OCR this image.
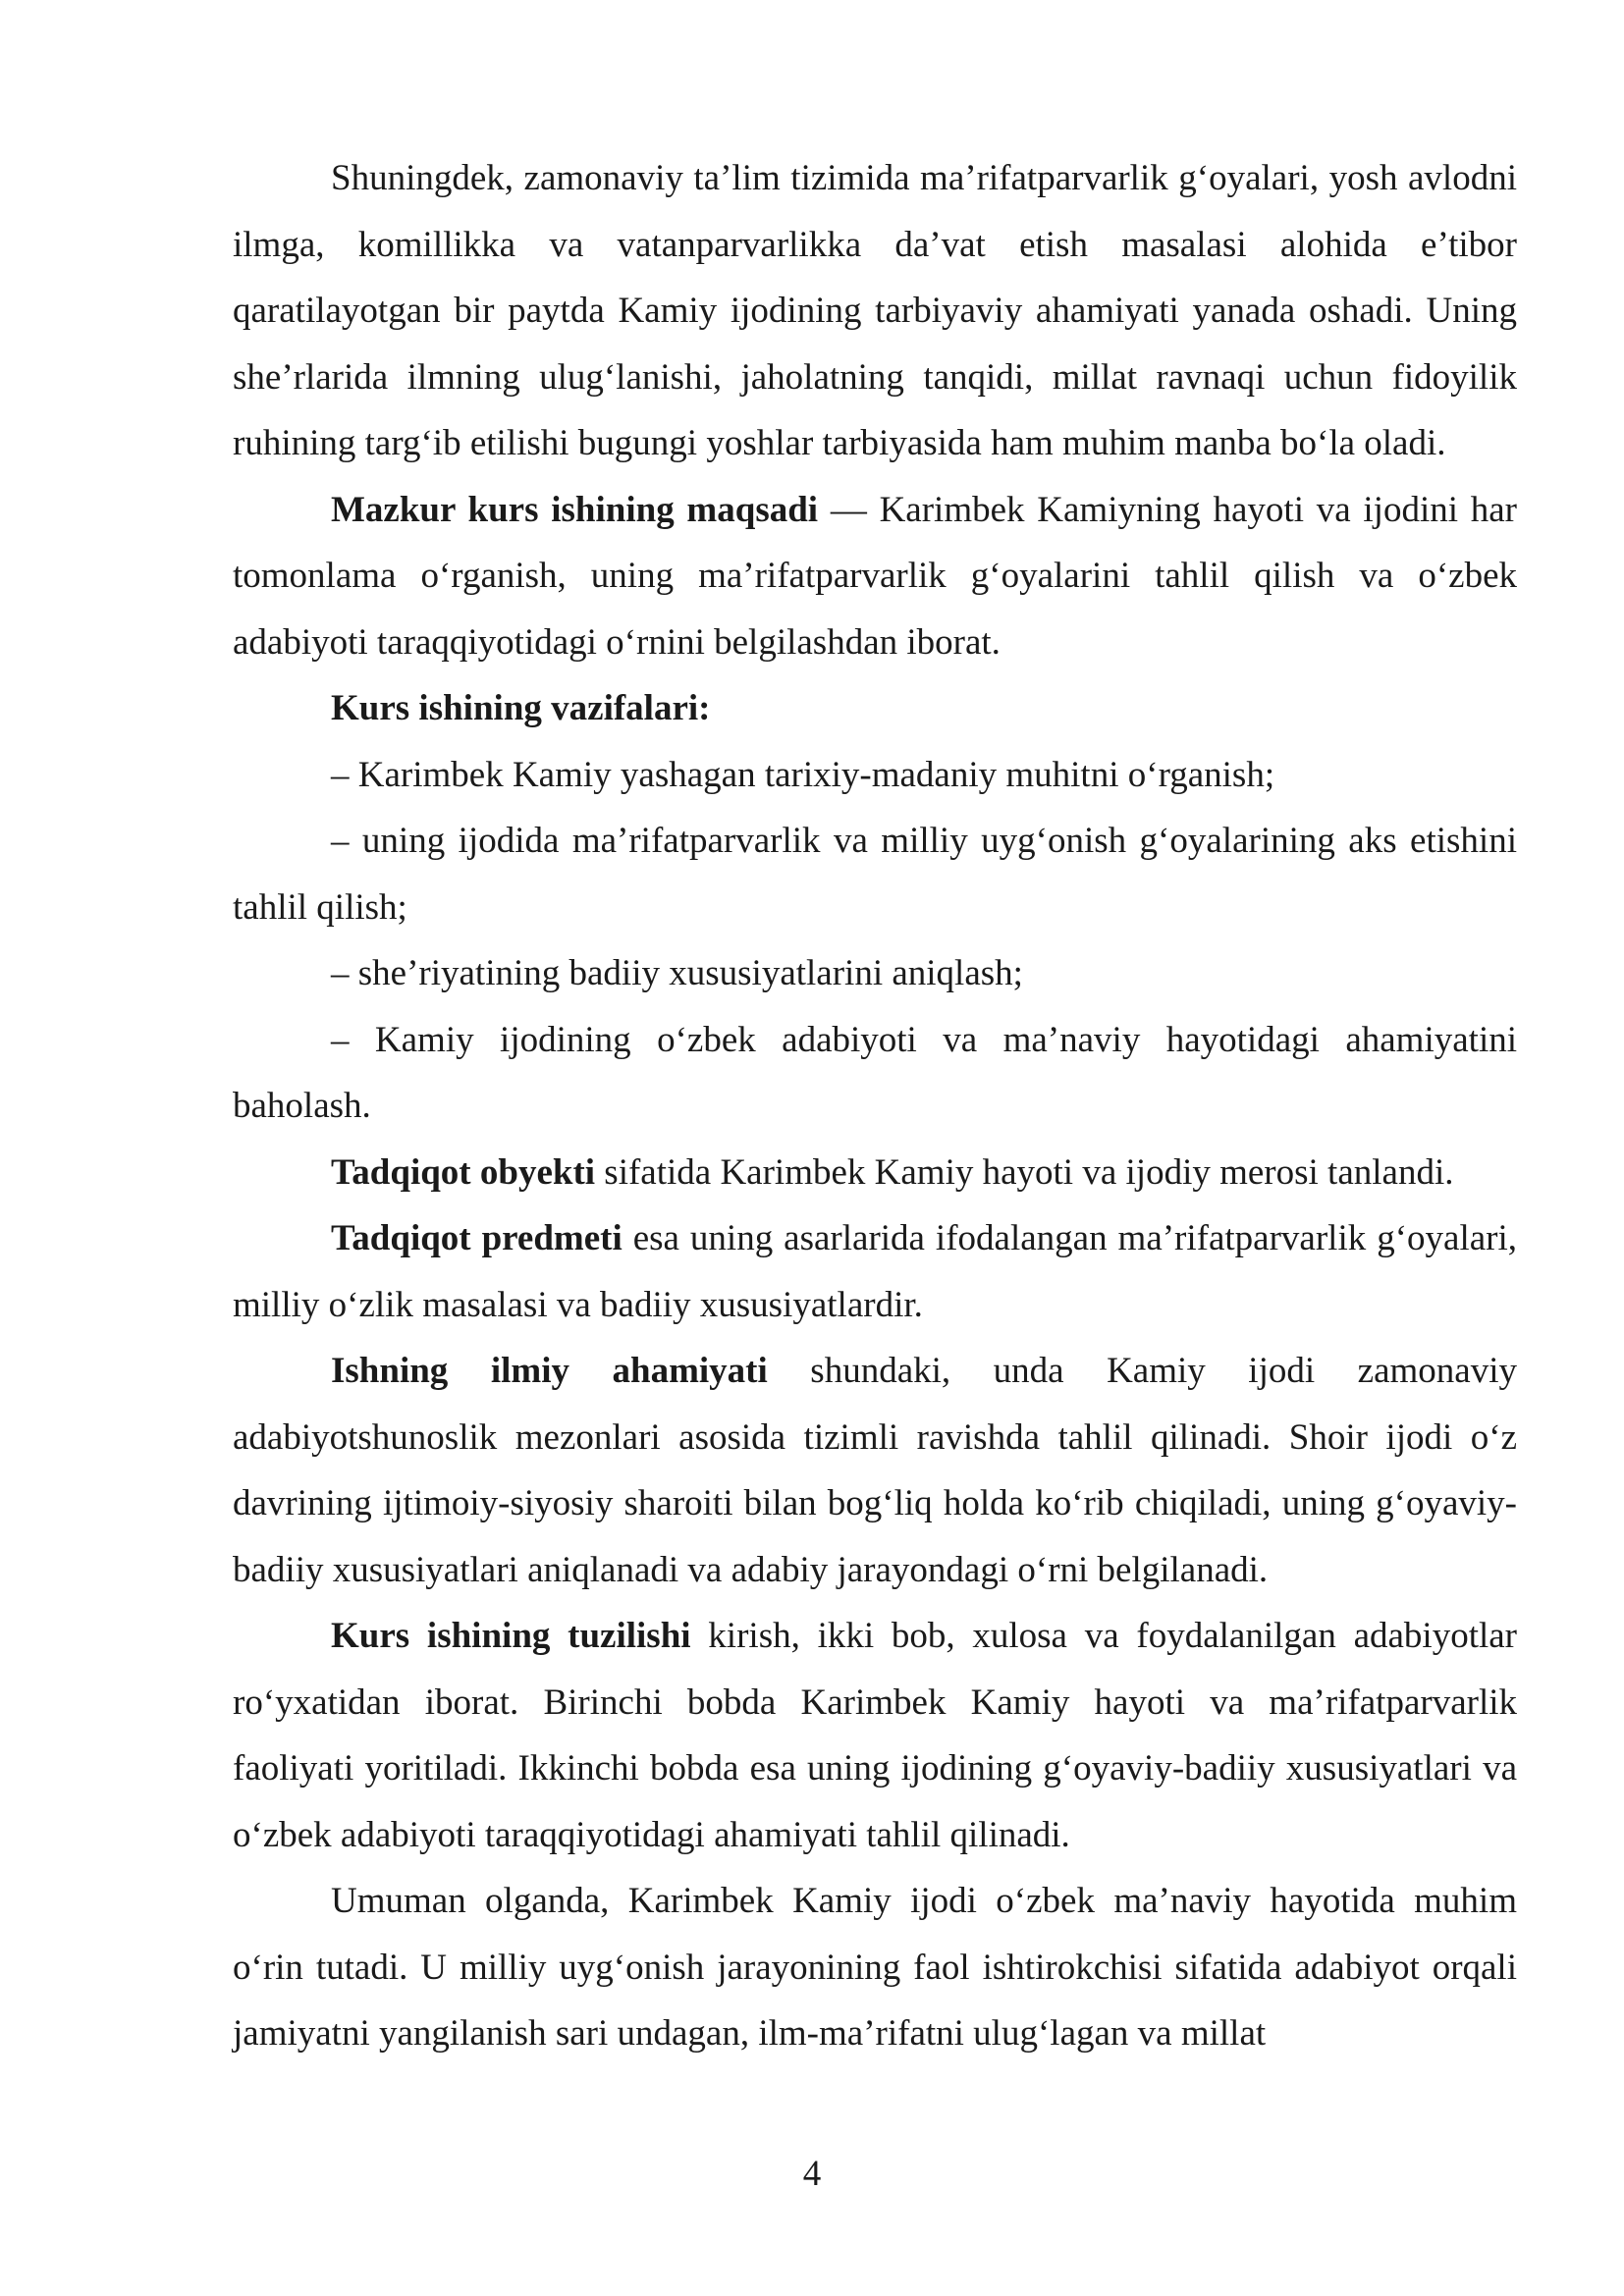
Shuningdek, zamonaviy ta’lim tizimida ma’rifatparvarlik g‘oyalari, yosh avlodni ilmga, komillikka va vatanparvarlikka da’vat etish masalasi alohida e’tibor qaratilayotgan bir paytda Kamiy ijodining tarbiyaviy ahamiyati yanada oshadi. Uning she’rlarida ilmning ulug‘lanishi, jaholatning tanqidi, millat ravnaqi uchun fidoyilik ruhining targ‘ib etilishi bugungi yoshlar tarbiyasida ham muhim manba bo‘la oladi.

Mazkur kurs ishining maqsadi — Karimbek Kamiyning hayoti va ijodini har tomonlama o‘rganish, uning ma’rifatparvarlik g‘oyalarini tahlil qilish va o‘zbek adabiyoti taraqqiyotidagi o‘rnini belgilashdan iborat.

Kurs ishining vazifalari:

– Karimbek Kamiy yashagan tarixiy-madaniy muhitni o‘rganish;

– uning ijodida ma’rifatparvarlik va milliy uyg‘onish g‘oyalarining aks etishini tahlil qilish;

– she’riyatining badiiy xususiyatlarini aniqlash;

– Kamiy ijodining o‘zbek adabiyoti va ma’naviy hayotidagi ahamiyatini baholash.

Tadqiqot obyekti sifatida Karimbek Kamiy hayoti va ijodiy merosi tanlandi.

Tadqiqot predmeti esa uning asarlarida ifodalangan ma’rifatparvarlik g‘oyalari, milliy o‘zlik masalasi va badiiy xususiyatlardir.

Ishning ilmiy ahamiyati shundaki, unda Kamiy ijodi zamonaviy adabiyotshunoslik mezonlari asosida tizimli ravishda tahlil qilinadi. Shoir ijodi o‘z davrining ijtimoiy-siyosiy sharoiti bilan bog‘liq holda ko‘rib chiqiladi, uning g‘oyaviy-badiiy xususiyatlari aniqlanadi va adabiy jarayondagi o‘rni belgilanadi.

Kurs ishining tuzilishi kirish, ikki bob, xulosa va foydalanilgan adabiyotlar ro‘yxatidan iborat. Birinchi bobda Karimbek Kamiy hayoti va ma’rifatparvarlik faoliyati yoritiladi. Ikkinchi bobda esa uning ijodining g‘oyaviy-badiiy xususiyatlari va o‘zbek adabiyoti taraqqiyotidagi ahamiyati tahlil qilinadi.

Umuman olganda, Karimbek Kamiy ijodi o‘zbek ma’naviy hayotida muhim o‘rin tutadi. U milliy uyg‘onish jarayonining faol ishtirokchisi sifatida adabiyot orqali jamiyatni yangilanish sari undagan, ilm-ma’rifatni ulug‘lagan va millat

4
